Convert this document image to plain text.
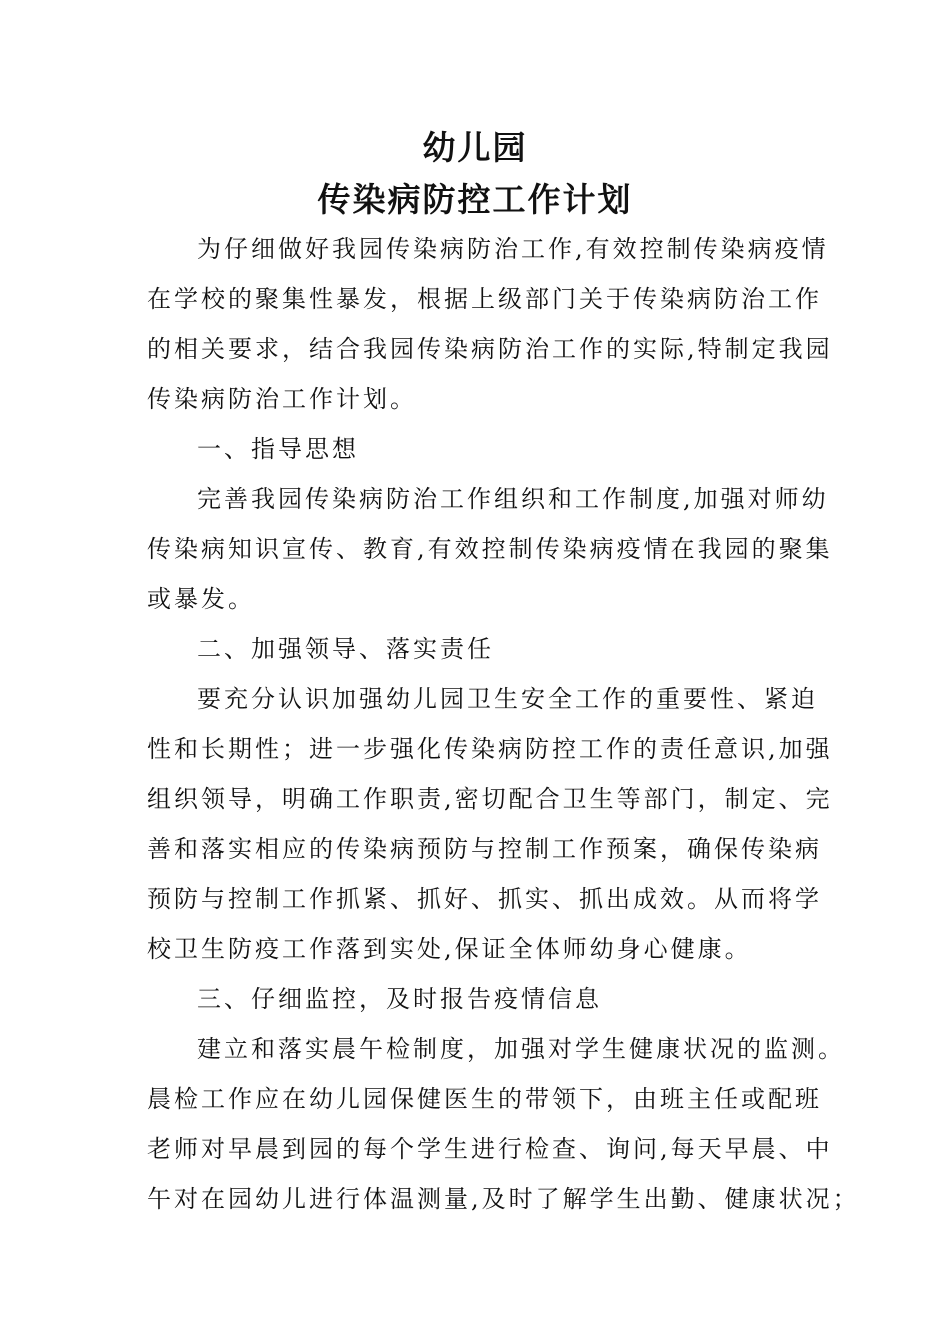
幼儿园
传染病防控工作计划
为仔细做好我园传染病防治工作,有效控制传染病疫情
在学校的聚集性暴发，根据上级部门关于传染病防治工作
的相关要求，结合我园传染病防治工作的实际,特制定我园
传染病防治工作计划。
一、指导思想
完善我园传染病防治工作组织和工作制度,加强对师幼
传染病知识宣传、教育,有效控制传染病疫情在我园的聚集
或暴发。
二、加强领导、落实责任
要充分认识加强幼儿园卫生安全工作的重要性、紧迫
性和长期性；进一步强化传染病防控工作的责任意识,加强
组织领导，明确工作职责,密切配合卫生等部门，制定、完
善和落实相应的传染病预防与控制工作预案，确保传染病
预防与控制工作抓紧、抓好、抓实、抓出成效。从而将学
校卫生防疫工作落到实处,保证全体师幼身心健康。
三、仔细监控，及时报告疫情信息
建立和落实晨午检制度，加强对学生健康状况的监测。
晨检工作应在幼儿园保健医生的带领下，由班主任或配班
老师对早晨到园的每个学生进行检查、询问,每天早晨、中
午对在园幼儿进行体温测量,及时了解学生出勤、健康状况；
